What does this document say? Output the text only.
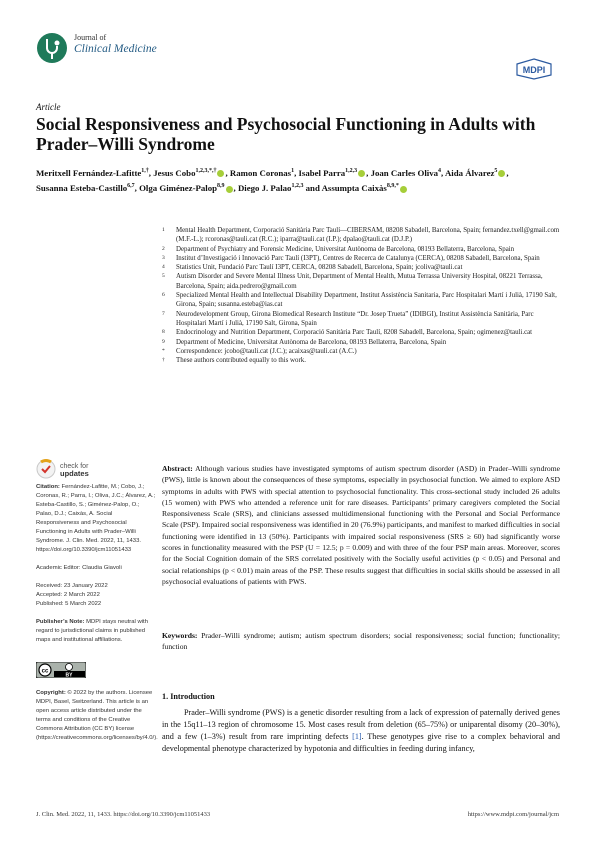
Journal of
Clinical Medicine
MDPI
Article
Social Responsiveness and Psychosocial Functioning in Adults with Prader–Willi Syndrome
Meritxell Fernández-Lafitte$^{1,\dagger}$, Jesus Cobo$^{1,2,3,*,\dagger}$ , Ramon Coronas$^1$, Isabel Parra$^{1,2,3}$ , Joan Carles Oliva$^4$, Aida Álvarez$^5$ , Susanna Esteba-Castillo$^{6,7}$, Olga Giménez-Palop$^{8,9}$ , Diego J. Palao$^{1,2,3}$ and Assumpta Caixàs$^{8,9,*}$

1 Mental Health Department, Corporació Sanitària Parc Taulí—CIBERSAM, 08208 Sabadell, Barcelona, Spain; fernandez.txell@gmail.com (M.F.-L.); rcoronas@tauli.cat (R.C.); iparra@tauli.cat (I.P.); dpalao@tauli.cat (D.J.P.)

2 Department of Psychiatry and Forensic Medicine, Universitat Autònoma de Barcelona, 08193 Bellaterra, Barcelona, Spain

3 Institut d’Investigació i Innovació Parc Taulí (I3PT), Centres de Recerca de Catalunya (CERCA), 08208 Sabadell, Barcelona, Spain

4 Statistics Unit, Fundació Parc Taulí I3PT, CERCA, 08208 Sabadell, Barcelona, Spain; jcoliva@tauli.cat

5 Autism Disorder and Severe Mental Illness Unit, Department of Mental Health, Mutua Terrassa University Hospital, 08221 Terrassa, Barcelona, Spain; aida.pedrero@gmail.com

6 Specialized Mental Health and Intellectual Disability Department, Institut Assistència Sanitaria, Parc Hospitalari Martí i Julià, 17190 Salt, Girona, Spain; susanna.esteba@ias.cat

7 Neurodevelopment Group, Girona Biomedical Research Institute “Dr. Josep Trueta” (IDIBGI), Institut Assistència Sanitària, Parc Hospitalari Martí i Julià, 17190 Salt, Girona, Spain

8 Endocrinology and Nutrition Department, Corporació Sanitària Parc Taulí, 8208 Sabadell, Barcelona, Spain; ogimenez@tauli.cat

9 Department of Medicine, Universitat Autònoma de Barcelona, 08193 Bellaterra, Barcelona, Spain

* Correspondence: jcobo@tauli.cat (J.C.); acaixas@tauli.cat (A.C.)

† These authors contributed equally to this work.

check for
updates
Citation: Fernández-Lafitte, M.; Cobo, J.; Coronas, R.; Parra, I.; Oliva, J.C.; Álvarez, A.; Esteba-Castillo, S.; Giménez-Palop, O.; Palao, D.J.; Caixàs, A. Social Responsiveness and Psychosocial Functioning in Adults with Prader–Willi Syndrome. J. Clin. Med. 2022, 11, 1433. https://doi.org/10.3390/jcm11051433
Academic Editor: Claudia Giavoli
Received: 23 January 2022
Accepted: 2 March 2022
Published: 5 March 2022
Publisher’s Note: MDPI stays neutral with regard to jurisdictional claims in published maps and institutional affiliations.
cc
BY
Copyright: © 2022 by the authors. Licensee MDPI, Basel, Switzerland. This article is an open access article distributed under the terms and conditions of the Creative Commons Attribution (CC BY) license (https://creativecommons.org/licenses/by/4.0/).
Abstract: Although various studies have investigated symptoms of autism spectrum disorder (ASD) in Prader–Willi syndrome (PWS), little is known about the consequences of these symptoms, especially in psychosocial function. We aimed to explore ASD symptoms in adults with PWS with special attention to psychosocial functionality. This cross-sectional study included 26 adults (15 women) with PWS who attended a reference unit for rare diseases. Participants’ primary caregivers completed the Social Responsiveness Scale (SRS), and clinicians assessed multidimensional functioning with the Personal and Social Performance Scale (PSP). Impaired social responsiveness was identified in 20 (76.9%) participants, and manifest to marked difficulties in social functioning were identified in 13 (50%). Participants with impaired social responsiveness (SRS ≥ 60) had significantly worse scores in functionality measured with the PSP (U = 12.5; p = 0.009) and with three of the four PSP main areas. Moreover, scores for the Social Cognition domain of the SRS correlated positively with the Socially useful activities (p < 0.05) and Personal and social relationships (p < 0.01) main areas of the PSP. These results suggest that difficulties in social skills should be assessed in all psychosocial evaluations of patients with PWS.
Keywords: Prader–Willi syndrome; autism; autism spectrum disorders; social responsiveness; social function; functionality; function
1. Introduction
Prader–Willi syndrome (PWS) is a genetic disorder resulting from a lack of expression of paternally derived genes in the 15q11–13 region of chromosome 15. Most cases result from deletion (65–75%) or uniparental disomy (20–30%), and a few (1–3%) result from rare imprinting defects [1]. These genotypes give rise to a complex behavioral and developmental phenotype characterized by hypotonia and difficulties in feeding during infancy,
J. Clin. Med. 2022, 11, 1433. https://doi.org/10.3390/jcm11051433	https://www.mdpi.com/journal/jcm
